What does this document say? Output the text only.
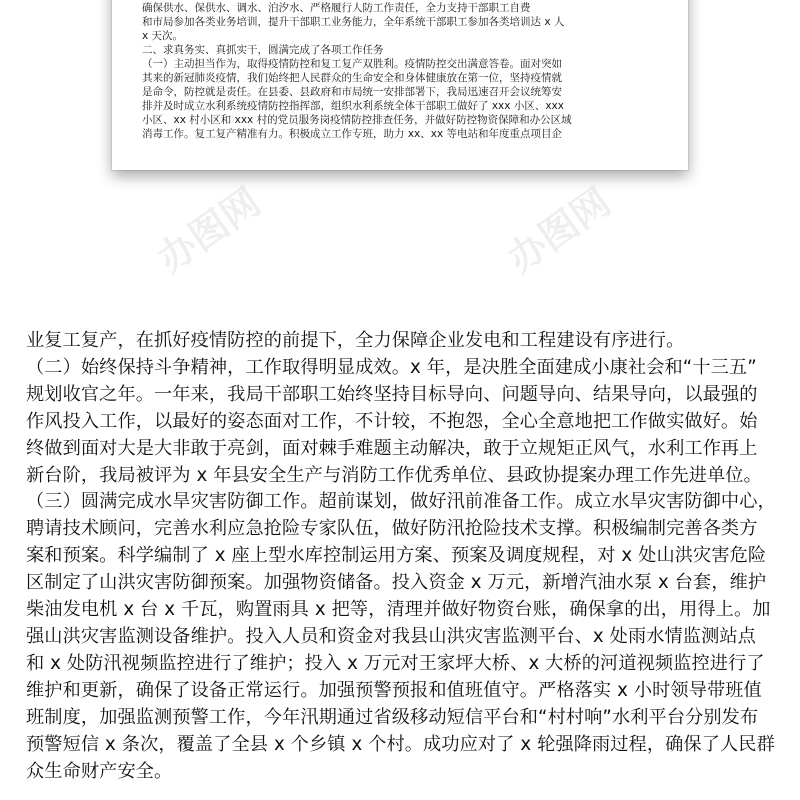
确保供水、保供水、调水、泊汐水、严格履行人防工作责任，全力支持干部职工自费
和市局参加各类业务培训，提升干部职工业务能力，全年系统干部职工参加各类培训达 x 人
x 天次。
二、求真务实、真抓实干，圆满完成了各项工作任务
（一）主动担当作为，取得疫情防控和复工复产双胜利。疫情防控交出满意答卷。面对突如
其来的新冠肺炎疫情，我们始终把人民群众的生命安全和身体健康放在第一位，坚持疫情就
是命令，防控就是责任。在县委、县政府和市局统一安排部署下，我局迅速召开会议统筹安
排并及时成立水利系统疫情防控指挥部，组织水利系统全体干部职工做好了 xxx 小区、xxx
小区、xx 村小区和 xxx 村的党员服务岗疫情防控排查任务，并做好防控物资保障和办公区域
消毒工作。复工复产精准有力。积极成立工作专班，助力 xx、xx 等电站和年度重点项目企
办图网	办图网
业复工复产，在抓好疫情防控的前提下，全力保障企业发电和工程建设有序进行。
（二）始终保持斗争精神，工作取得明显成效。x 年，是决胜全面建成小康社会和“十三五”
规划收官之年。一年来，我局干部职工始终坚持目标导向、问题导向、结果导向，以最强的
作风投入工作，以最好的姿态面对工作，不计较，不抱怨，全心全意地把工作做实做好。始
终做到面对大是大非敢于亮剑，面对棘手难题主动解决，敢于立规矩正风气，水利工作再上
新台阶，我局被评为 x 年县安全生产与消防工作优秀单位、县政协提案办理工作先进单位。
（三）圆满完成水旱灾害防御工作。超前谋划，做好汛前准备工作。成立水旱灾害防御中心，
聘请技术顾问，完善水利应急抢险专家队伍，做好防汛抢险技术支撑。积极编制完善各类方
案和预案。科学编制了 x 座上型水库控制运用方案、预案及调度规程，对 x 处山洪灾害危险
区制定了山洪灾害防御预案。加强物资储备。投入资金 x 万元，新增汽油水泵 x 台套，维护
柴油发电机 x 台 x 千瓦，购置雨具 x 把等，清理并做好物资台账，确保拿的出，用得上。加
强山洪灾害监测设备维护。投入人员和资金对我县山洪灾害监测平台、x 处雨水情监测站点
和 x 处防汛视频监控进行了维护；投入 x 万元对王家坪大桥、x 大桥的河道视频监控进行了
维护和更新，确保了设备正常运行。加强预警预报和值班值守。严格落实 x 小时领导带班值
班制度，加强监测预警工作，今年汛期通过省级移动短信平台和“村村响”水利平台分别发布
预警短信 x 条次，覆盖了全县 x 个乡镇 x 个村。成功应对了 x 轮强降雨过程，确保了人民群
众生命财产安全。
